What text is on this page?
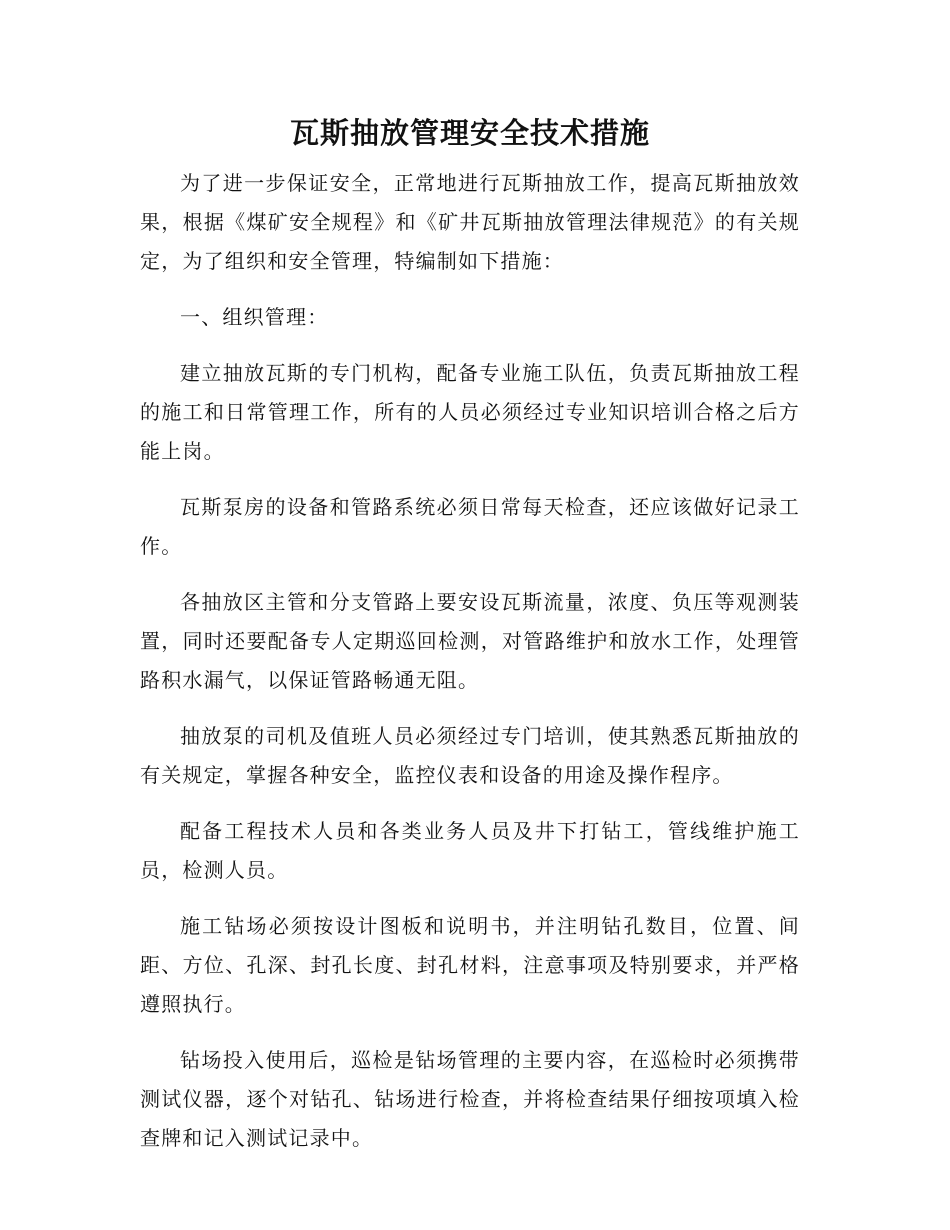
瓦斯抽放管理安全技术措施

为了进一步保证安全，正常地进行瓦斯抽放工作，提高瓦斯抽放效果，根据《煤矿安全规程》和《矿井瓦斯抽放管理法律规范》的有关规定，为了组织和安全管理，特编制如下措施：

一、组织管理：

建立抽放瓦斯的专门机构，配备专业施工队伍，负责瓦斯抽放工程的施工和日常管理工作，所有的人员必须经过专业知识培训合格之后方能上岗。

瓦斯泵房的设备和管路系统必须日常每天检查，还应该做好记录工作。

各抽放区主管和分支管路上要安设瓦斯流量，浓度、负压等观测装置，同时还要配备专人定期巡回检测，对管路维护和放水工作，处理管路积水漏气，以保证管路畅通无阻。

抽放泵的司机及值班人员必须经过专门培训，使其熟悉瓦斯抽放的有关规定，掌握各种安全，监控仪表和设备的用途及操作程序。

配备工程技术人员和各类业务人员及井下打钻工，管线维护施工员，检测人员。

施工钻场必须按设计图板和说明书，并注明钻孔数目，位置、间距、方位、孔深、封孔长度、封孔材料，注意事项及特别要求，并严格遵照执行。

钻场投入使用后，巡检是钻场管理的主要内容，在巡检时必须携带测试仪器，逐个对钻孔、钻场进行检查，并将检查结果仔细按项填入检查牌和记入测试记录中。
